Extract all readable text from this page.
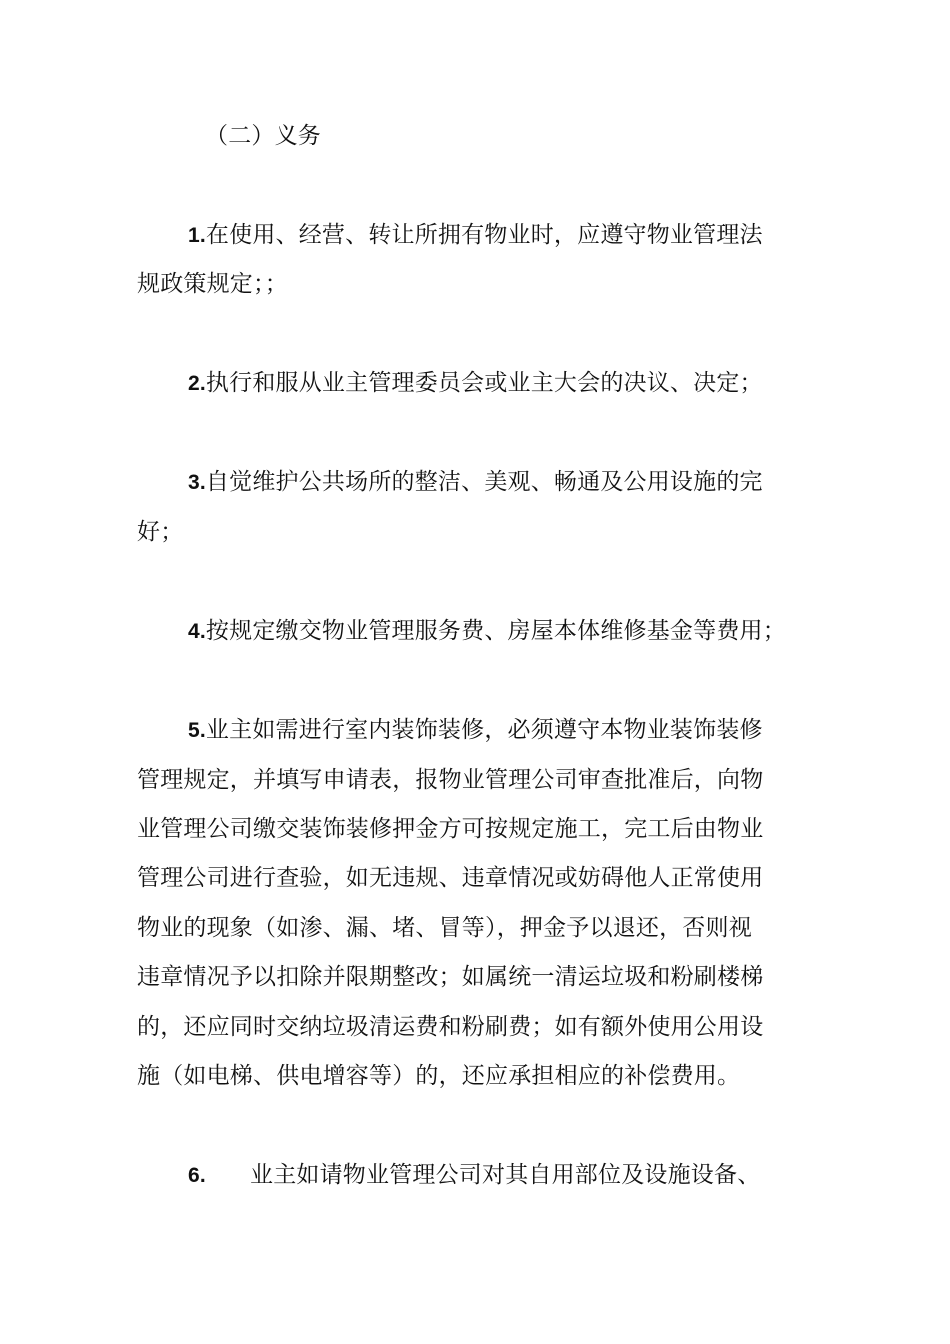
（二）义务
1.在使用、经营、转让所拥有物业时，应遵守物业管理法
规政策规定；；
2.执行和服从业主管理委员会或业主大会的决议、决定；
3.自觉维护公共场所的整洁、美观、畅通及公用设施的完
好；
4.按规定缴交物业管理服务费、房屋本体维修基金等费用；
5.业主如需进行室内装饰装修，必须遵守本物业装饰装修
管理规定，并填写申请表，报物业管理公司审查批准后，向物
业管理公司缴交装饰装修押金方可按规定施工，完工后由物业
管理公司进行查验，如无违规、违章情况或妨碍他人正常使用
物业的现象（如渗、漏、堵、冒等），押金予以退还，否则视
违章情况予以扣除并限期整改；如属统一清运垃圾和粉刷楼梯
的，还应同时交纳垃圾清运费和粉刷费；如有额外使用公用设
施（如电梯、供电增容等）的，还应承担相应的补偿费用。
6. 业主如请物业管理公司对其自用部位及设施设备、
